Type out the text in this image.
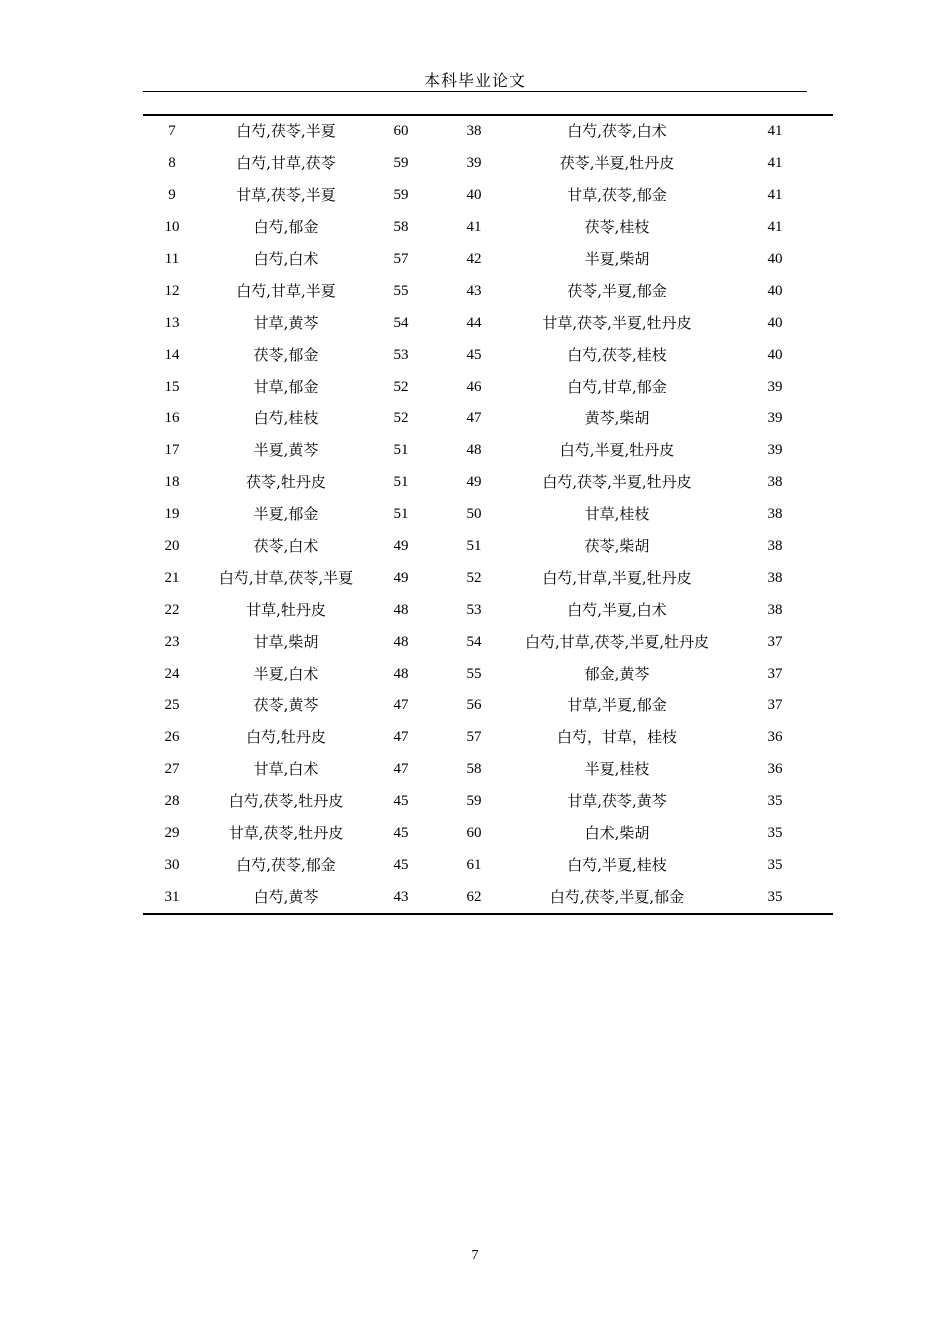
本科毕业论文
7	白芍,茯苓,半夏	60	38	白芍,茯苓,白术	41
8	白芍,甘草,茯苓	59	39	茯苓,半夏,牡丹皮	41
9	甘草,茯苓,半夏	59	40	甘草,茯苓,郁金	41
10	白芍,郁金	58	41	茯苓,桂枝	41
11	白芍,白术	57	42	半夏,柴胡	40
12	白芍,甘草,半夏	55	43	茯苓,半夏,郁金	40
13	甘草,黄芩	54	44	甘草,茯苓,半夏,牡丹皮	40
14	茯苓,郁金	53	45	白芍,茯苓,桂枝	40
15	甘草,郁金	52	46	白芍,甘草,郁金	39
16	白芍,桂枝	52	47	黄芩,柴胡	39
17	半夏,黄芩	51	48	白芍,半夏,牡丹皮	39
18	茯苓,牡丹皮	51	49	白芍,茯苓,半夏,牡丹皮	38
19	半夏,郁金	51	50	甘草,桂枝	38
20	茯苓,白术	49	51	茯苓,柴胡	38
21	白芍,甘草,茯苓,半夏	49	52	白芍,甘草,半夏,牡丹皮	38
22	甘草,牡丹皮	48	53	白芍,半夏,白术	38
23	甘草,柴胡	48	54	白芍,甘草,茯苓,半夏,牡丹皮	37
24	半夏,白术	48	55	郁金,黄芩	37
25	茯苓,黄芩	47	56	甘草,半夏,郁金	37
26	白芍,牡丹皮	47	57	白芍，甘草，桂枝	36
27	甘草,白术	47	58	半夏,桂枝	36
28	白芍,茯苓,牡丹皮	45	59	甘草,茯苓,黄芩	35
29	甘草,茯苓,牡丹皮	45	60	白术,柴胡	35
30	白芍,茯苓,郁金	45	61	白芍,半夏,桂枝	35
31	白芍,黄芩	43	62	白芍,茯苓,半夏,郁金	35
7
